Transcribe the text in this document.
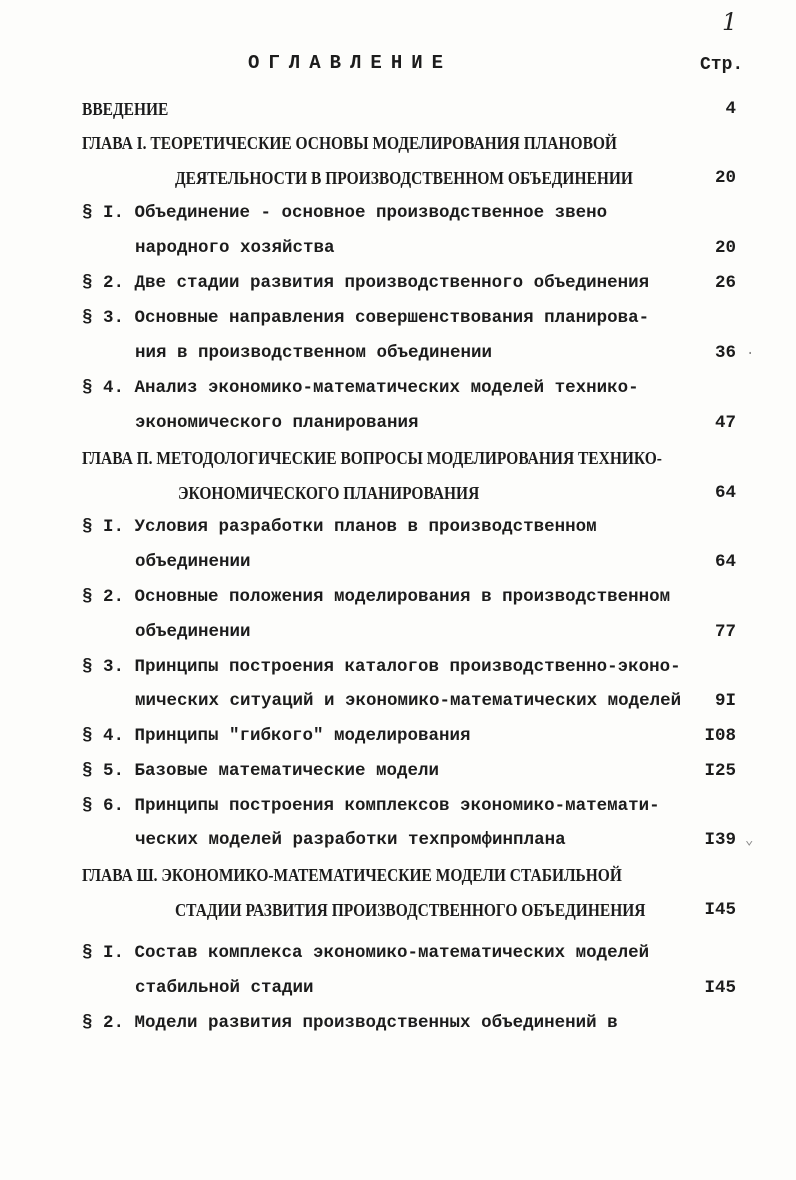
1
ОГЛАВЛЕНИЕ	Стр.
ВВЕДЕНИЕ	4
ГЛАВА I. ТЕОРЕТИЧЕСКИЕ ОСНОВЫ МОДЕЛИРОВАНИЯ ПЛАНОВОЙ
ДЕЯТЕЛЬНОСТИ В ПРОИЗВОДСТВЕННОМ ОБЪЕДИНЕНИИ	20
§ I. Объединение - основное производственное звено
народного хозяйства	20
§ 2. Две стадии развития производственного объединения	26
§ 3. Основные направления совершенствования планирова-
ния в производственном объединении	36
§ 4. Анализ экономико-математических моделей технико-
экономического планирования	47
ГЛАВА П. МЕТОДОЛОГИЧЕСКИЕ ВОПРОСЫ МОДЕЛИРОВАНИЯ ТЕХНИКО-
ЭКОНОМИЧЕСКОГО ПЛАНИРОВАНИЯ	64
§ I. Условия разработки планов в производственном
объединении	64
§ 2. Основные положения моделирования в производственном
объединении	77
§ 3. Принципы построения каталогов производственно-эконо-
мических ситуаций и экономико-математических моделей	9I
§ 4. Принципы "гибкого" моделирования	I08
§ 5. Базовые математические модели	I25
§ 6. Принципы построения комплексов экономико-математи-
ческих моделей разработки техпромфинплана	I39
ГЛАВА Ш. ЭКОНОМИКО-МАТЕМАТИЧЕСКИЕ МОДЕЛИ СТАБИЛЬНОЙ
СТАДИИ РАЗВИТИЯ ПРОИЗВОДСТВЕННОГО ОБЪЕДИНЕНИЯ	I45
§ I. Состав комплекса экономико-математических моделей
стабильной стадии	I45
§ 2. Модели развития производственных объединений в
·
⌄
